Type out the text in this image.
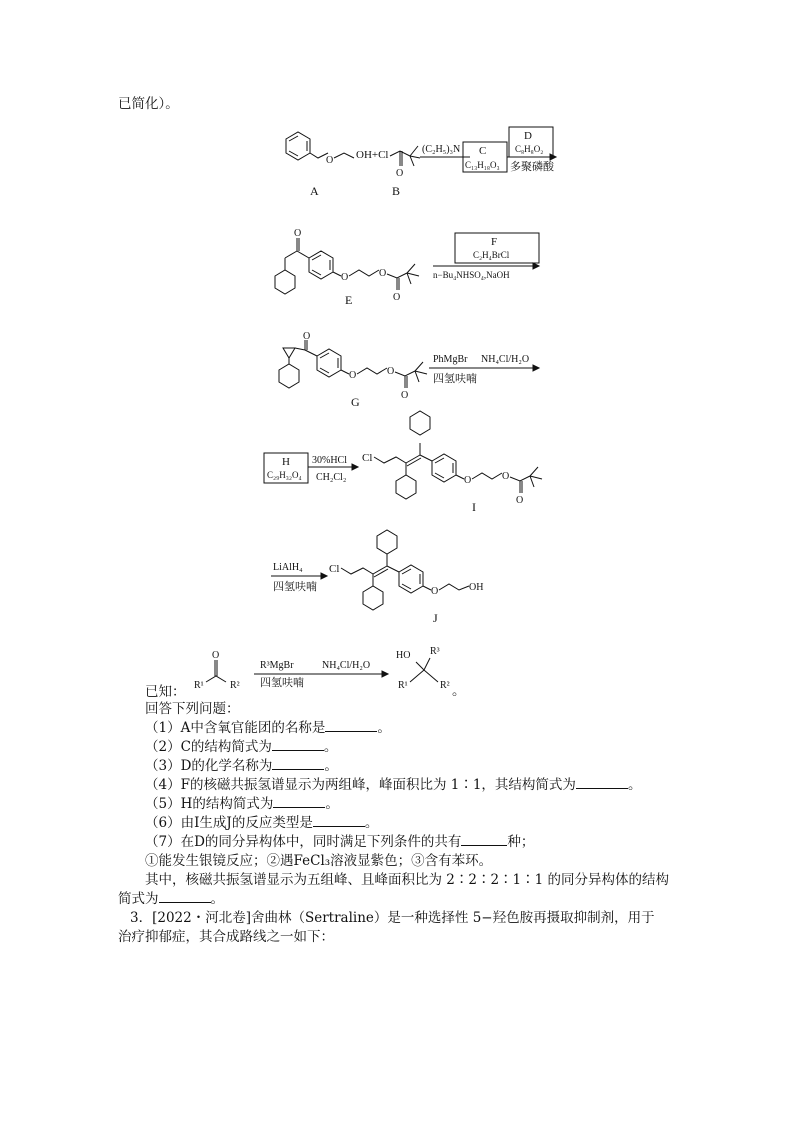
已简化）。
O OH+Cl
O
A	B
(C₂H₅)₃N C
C₁₃H₁₈O₃
D
C₈H₈O₂
多聚磷酸
O
O	O
O
E
F
C₂H₄BrCl
n−Bu₄NHSO₄,NaOH
O
O	O
O
G
PhMgBr NH₄Cl/H₂O
四氢呋喃
H
C₂₉H₃₂O₄
30%HCl
CH₂Cl₂
Cl
O	O
O
I
LiAlH₄
四氢呋喃
Cl
O	OH
J
已知： R¹
O
R²
R³MgBr	NH₄Cl/H₂O
四氢呋喃
HO R³
R¹	R² 。
回答下列问题：
（1）A中含氧官能团的名称是	。
（2）C的结构简式为	。
（3）D的化学名称为	。
（4）F的核磁共振氢谱显示为两组峰，峰面积比为 1∶1，其结构简式为	。
（5）H的结构简式为	。
（6）由Ⅰ生成J的反应类型是	。
（7）在D的同分异构体中，同时满足下列条件的共有	种；
①能发生银镜反应；②遇FeCl₃溶液显紫色；③含有苯环。
其中，核磁共振氢谱显示为五组峰、且峰面积比为 2∶2∶2∶1∶1 的同分异构体的结构
简式为	。
3．[2022・河北卷]舍曲林（Sertraline）是一种选择性 5−羟色胺再摄取抑制剂，用于
治疗抑郁症，其合成路线之一如下：
